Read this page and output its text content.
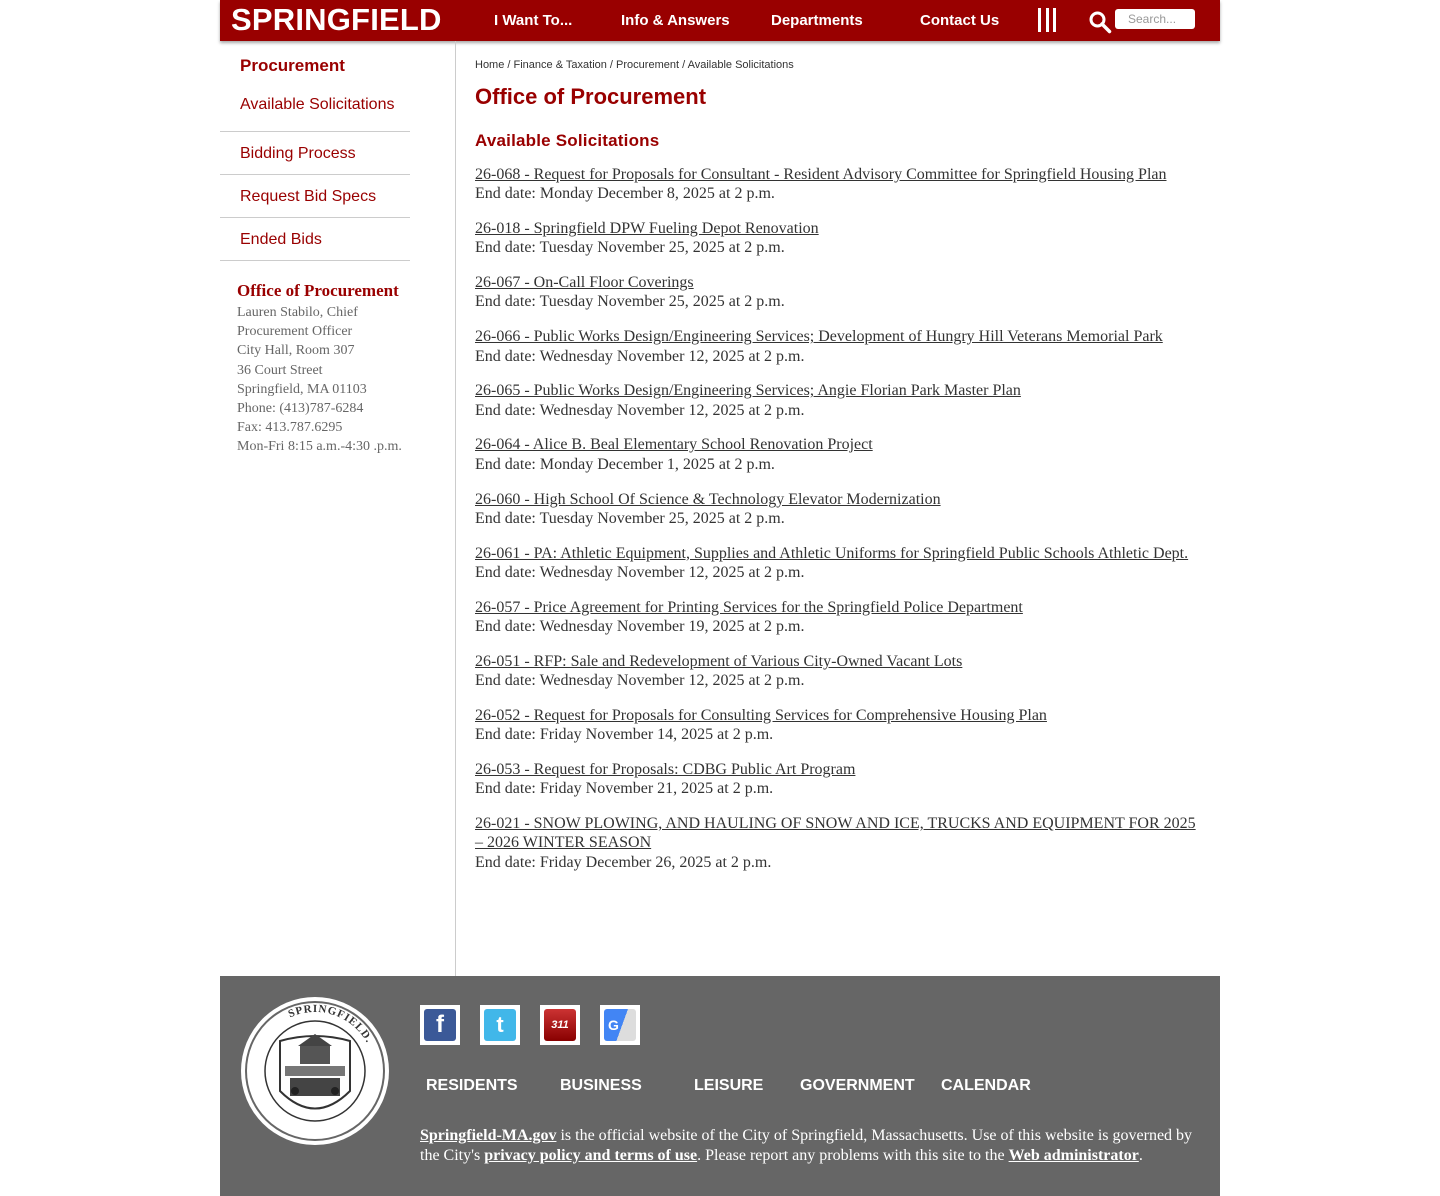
SPRINGFIELD	I Want To...	Info & Answers	Departments	Contact Us
Search...
Procurement
Available Solicitations
Bidding Process
Request Bid Specs
Ended Bids
Office of Procurement
Lauren Stabilo, Chief
Procurement Officer
City Hall, Room 307
36 Court Street
Springfield, MA 01103
Phone: (413)787-6284
Fax: 413.787.6295
Mon-Fri 8:15 a.m.-4:30 .p.m.
Home / Finance & Taxation / Procurement / Available Solicitations
Office of Procurement
Available Solicitations
26-068 - Request for Proposals for Consultant - Resident Advisory Committee for Springfield Housing Plan
End date: Monday December 8, 2025 at 2 p.m.
26-018 - Springfield DPW Fueling Depot Renovation
End date: Tuesday November 25, 2025 at 2 p.m.
26-067 - On-Call Floor Coverings
End date: Tuesday November 25, 2025 at 2 p.m.
26-066 - Public Works Design/Engineering Services; Development of Hungry Hill Veterans Memorial Park
End date: Wednesday November 12, 2025 at 2 p.m.
26-065 - Public Works Design/Engineering Services; Angie Florian Park Master Plan
End date: Wednesday November 12, 2025 at 2 p.m.
26-064 - Alice B. Beal Elementary School Renovation Project
End date: Monday December 1, 2025 at 2 p.m.
26-060 - High School Of Science & Technology Elevator Modernization
End date: Tuesday November 25, 2025 at 2 p.m.
26-061 - PA: Athletic Equipment, Supplies and Athletic Uniforms for Springfield Public Schools Athletic Dept.
End date: Wednesday November 12, 2025 at 2 p.m.
26-057 - Price Agreement for Printing Services for the Springfield Police Department
End date: Wednesday November 19, 2025 at 2 p.m.
26-051 - RFP: Sale and Redevelopment of Various City-Owned Vacant Lots
End date: Wednesday November 12, 2025 at 2 p.m.
26-052 - Request for Proposals for Consulting Services for Comprehensive Housing Plan
End date: Friday November 14, 2025 at 2 p.m.
26-053 - Request for Proposals: CDBG Public Art Program
End date: Friday November 21, 2025 at 2 p.m.
26-021 - SNOW PLOWING, AND HAULING OF SNOW AND ICE, TRUCKS AND EQUIPMENT FOR 2025 – 2026 WINTER SEASON
End date: Friday December 26, 2025 at 2 p.m.
SPRINGFIELD.
f	t	311	G
RESIDENTS	BUSINESS	LEISURE GOVERNMENT CALENDAR

Springfield-MA.gov is the official website of the City of Springfield, Massachusetts. Use of this website is governed by the City's privacy policy and terms of use. Please report any problems with this site to the Web administrator.
